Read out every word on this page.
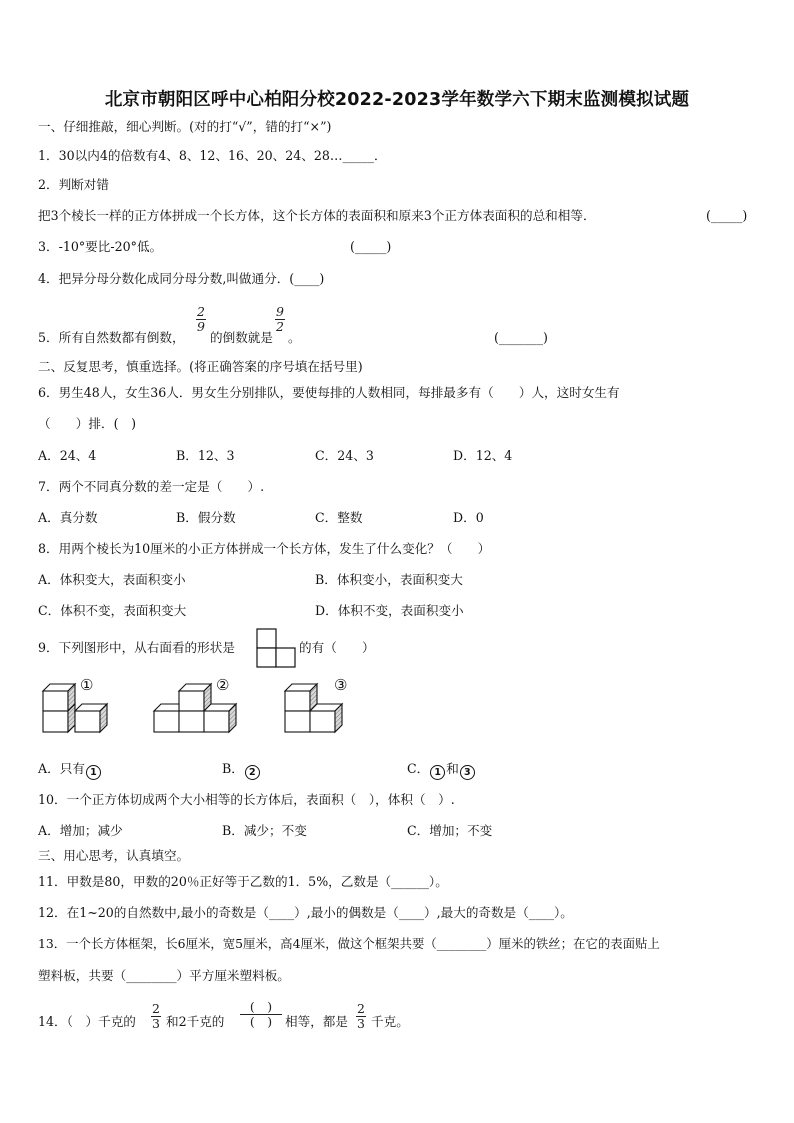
北京市朝阳区呼中心柏阳分校2022-2023学年数学六下期末监测模拟试题
一、仔细推敲，细心判断。(对的打“√”，错的打“×”)
1．30以内4的倍数有4、8、12、16、20、24、28…_____．
2．判断对错
把3个棱长一样的正方体拼成一个长方体，这个长方体的表面积和原来3个正方体表面积的总和相等．	(_____)
3．-10°要比-20°低。	(_____)
4．把异分母分数化成同分母分数,叫做通分．(____)
5．所有自然数都有倒数，
$\frac{2}{9}$
的倒数就是
$\frac{9}{2}$
。	(_______)
二、反复思考，慎重选择。(将正确答案的序号填在括号里)
6．男生48人，女生36人．男女生分别排队，要使每排的人数相同，每排最多有（　　）人，这时女生有
（　　）排．(　)
A．24、4	B．12、3	C．24、3	D．12、4
7．两个不同真分数的差一定是（　　）.
A．真分数	B．假分数	C．整数	D．0
8．用两个棱长为10厘米的小正方体拼成一个长方体，发生了什么变化？（　　）
A．体积变大，表面积变小	B．体积变小，表面积变大
C．体积不变，表面积变大	D．体积不变，表面积变小
9．下列图形中，从右面看的形状是	的有（　　）
①	②	③
A．只有 1	B． 2	C． 1 和 3
10．一个正方体切成两个大小相等的长方体后，表面积（　），体积（　）.
A．增加；减少	B．减少；不变	C．增加；不变
三、用心思考，认真填空。
11．甲数是80，甲数的20％正好等于乙数的1．5%，乙数是（______）。
12．在1~20的自然数中,最小的奇数是（____）,最小的偶数是（____）,最大的奇数是（____）。
13．一个长方体框架，长6厘米，宽5厘米，高4厘米，做这个框架共要（________）厘米的铁丝；在它的表面贴上
塑料板，共要（________）平方厘米塑料板。
14．（　）千克的 $\frac{2}{3}$ 和2千克的
(　)
(　)	相等，都是 $\frac{2}{3}$ 千克。
